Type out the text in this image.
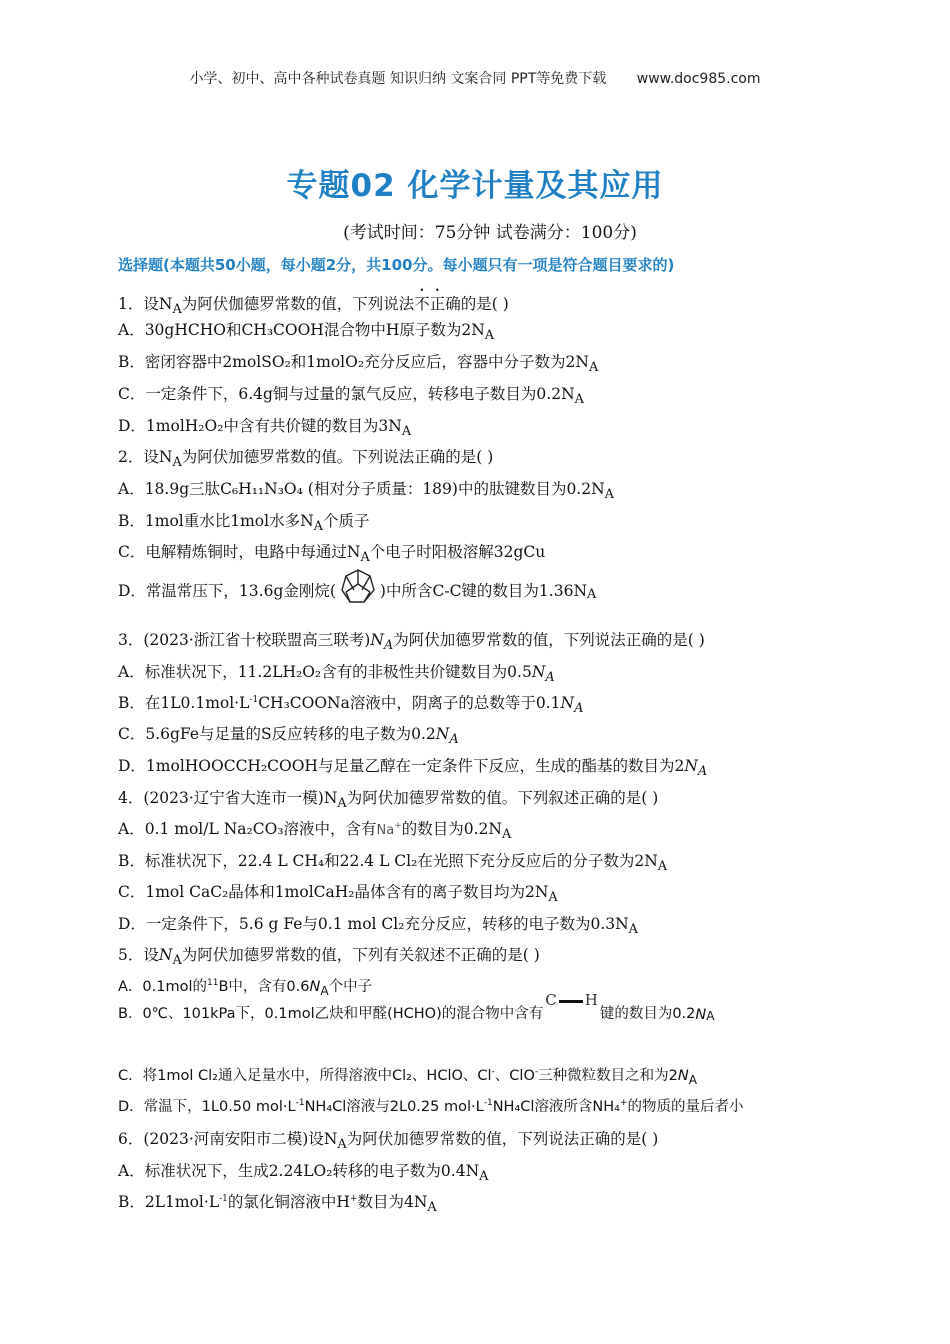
小学、初中、高中各种试卷真题 知识归纳 文案合同 PPT等免费下载 www.doc985.com
专题02 化学计量及其应用
(考试时间：75分钟 试卷满分：100分)
选择题(本题共50小题，每小题2分，共100分。每小题只有一项是符合题目要求的)
1．设$N_A$为阿伏伽德罗常数的值，下列说法不正确的是( )
A．30gHCHO和CH₃COOH混合物中H原子数为$2N_A$
B．密闭容器中2molSO₂和1molO₂充分反应后，容器中分子数为$2N_A$
C．一定条件下，6.4g铜与过量的氯气反应，转移电子数目为$0.2N_A$
D．1molH₂O₂中含有共价键的数目为$3N_A$
2．设$N_A$为阿伏加德罗常数的值。下列说法正确的是( )
A．18.9g三肽C₆H₁₁N₃O₄ (相对分子质量：189)中的肽键数目为$0.2N_A$
B．1mol重水比1mol水多$N_A$个质子
C．电解精炼铜时，电路中每通过$N_A$个电子时阳极溶解32gCu
D．常温常压下，13.6g金刚烷(	)中所含C-C键的数目为$1.36N_A$
3．(2023·浙江省十校联盟高三联考)$N_A$为阿伏加德罗常数的值，下列说法正确的是( )
A．标准状况下，11.2LH₂O₂含有的非极性共价键数目为$0.5N_A$
B．在$1L0.1mol\cdot L^{-1}CH_3COONa$溶液中，阴离子的总数等于$0.1N_A$
C．5.6gFe与足量的S反应转移的电子数为$0.2N_A$
D．1molHOOCCH₂COOH与足量乙醇在一定条件下反应，生成的酯基的数目为$2N_A$
4．(2023·辽宁省大连市一模)$N_A$为阿伏加德罗常数的值。下列叙述正确的是( )
A．0.1 mol/L Na₂CO₃溶液中，含有Na+的数目为$0.2N_A$
B．标准状况下，22.4 L CH₄和22.4 L Cl₂在光照下充分反应后的分子数为$2N_A$
C．1mol CaC₂晶体和1molCaH₂晶体含有的离子数目均为$2N_A$
D．一定条件下，5.6 g Fe与0.1 mol Cl₂充分反应，转移的电子数为$0.3N_A$
5．设$N_A$为阿伏加德罗常数的值，下列有关叙述不正确的是( )
A．0.1mol的$^{11}$B中，含有$0.6N_A$个中子
B．0℃、101kPa下，0.1mol乙炔和甲醛(HCHO)的混合物中含有C H键的数目为$0.2N_A$
C．将1mol Cl₂通入足量水中，所得溶液中Cl₂、HClO、Cl-、ClO-三种微粒数目之和为$2N_A$
D．常温下，1L0.50 $mol\cdot L^{-1}NH_4Cl$溶液与2L0.25 $mol\cdot L^{-1}NH_4Cl$溶液所含NH₄+的物质的量后者小
6．(2023·河南安阳市二模)设$N_A$为阿伏加德罗常数的值，下列说法正确的是( )
A．标准状况下，生成2.24LO₂转移的电子数为$0.4N_A$
B．$2L1mol\cdot L^{-1}$的氯化铜溶液中H+数目为$4N_A$
